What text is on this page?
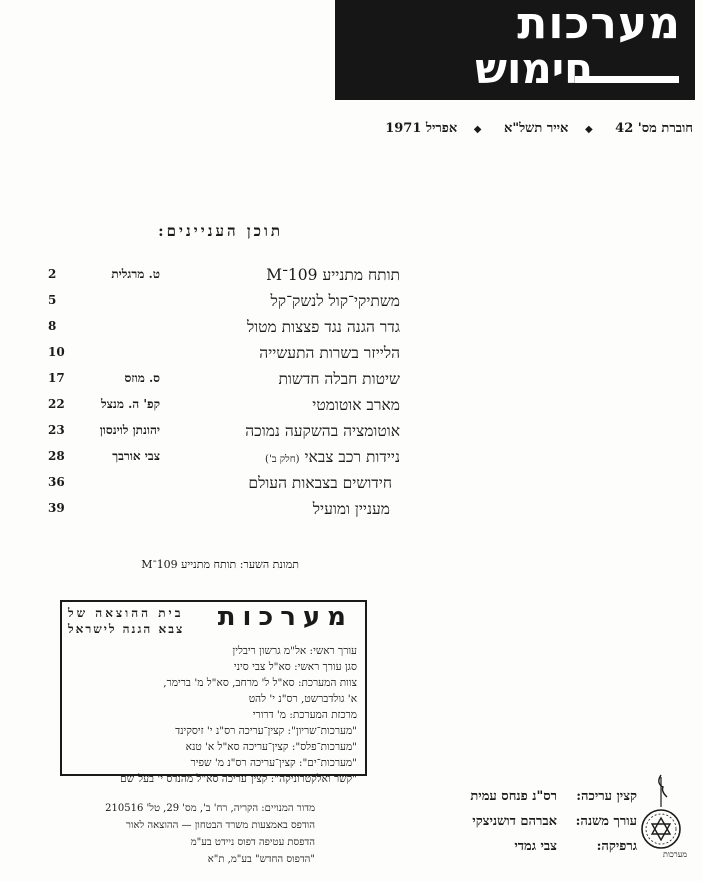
מערכות
חימוש
חוברת מס' 42 ◆ אייר תשל"א ◆ אפריל 1971
תוכן העניינים:
תותח מתנייע 109־M
ט. מרגלית
2
משתיקי־קול לנשק־קל
5
גדר הגנה נגד פצצות מטול
8
הלייזר בשרות התעשייה
10
שיטות חבלה חדשות
ס. מוזס
17
מארב אוטומטי
קפ' ה. מנצל
22
אוטומציה בהשקעה נמוכה
יהונתן לוינסון
23
ניידות רכב צבאי (חלק ב')
צבי אורבך
28
חידושים בצבאות העולם
36
מעניין ומועיל
39
תמונת השער: תותח מתנייע 109־M
מערכות
בית ההוצאה של
צבא הגנה לישראל
עורך ראשי: אל"מ גרשון ריבלין
סגן עורך ראשי: סא"ל צבי סיני
צוות המערכת: סא"ל ל' מרחב, סא"ל מ' ברימר,
א' גולדברשט, רס"נ י' להט
מרכזת המערכת: מ' דרורי
"מערכות־שריון": קצין־עריכה רס"נ י' זיסקינד
"מערכות־פלס": קצין־עריכה סא"ל א' טנא
"מערכות־ים": קצין־עריכה רס"נ מ' שפיר
"קשר ואלקטרוניקה": קצין־עריכה סא"ל מהנדס י' בעל־שם
מדור המנויים: הקריה, רח' ב', מס' 29, טל' 210516
הודפס באמצעות משרד הבטחון — ההוצאה לאור
הדפסת עטיפה דפוס ניידט בע"מ
"הדפוס החדש" בע"מ, ת"א
קצין עריכה:רס"נ פנחס עמית
עורך משנה:אברהם דושניצקי
גרפיקה:צבי גמדי
מערכות
